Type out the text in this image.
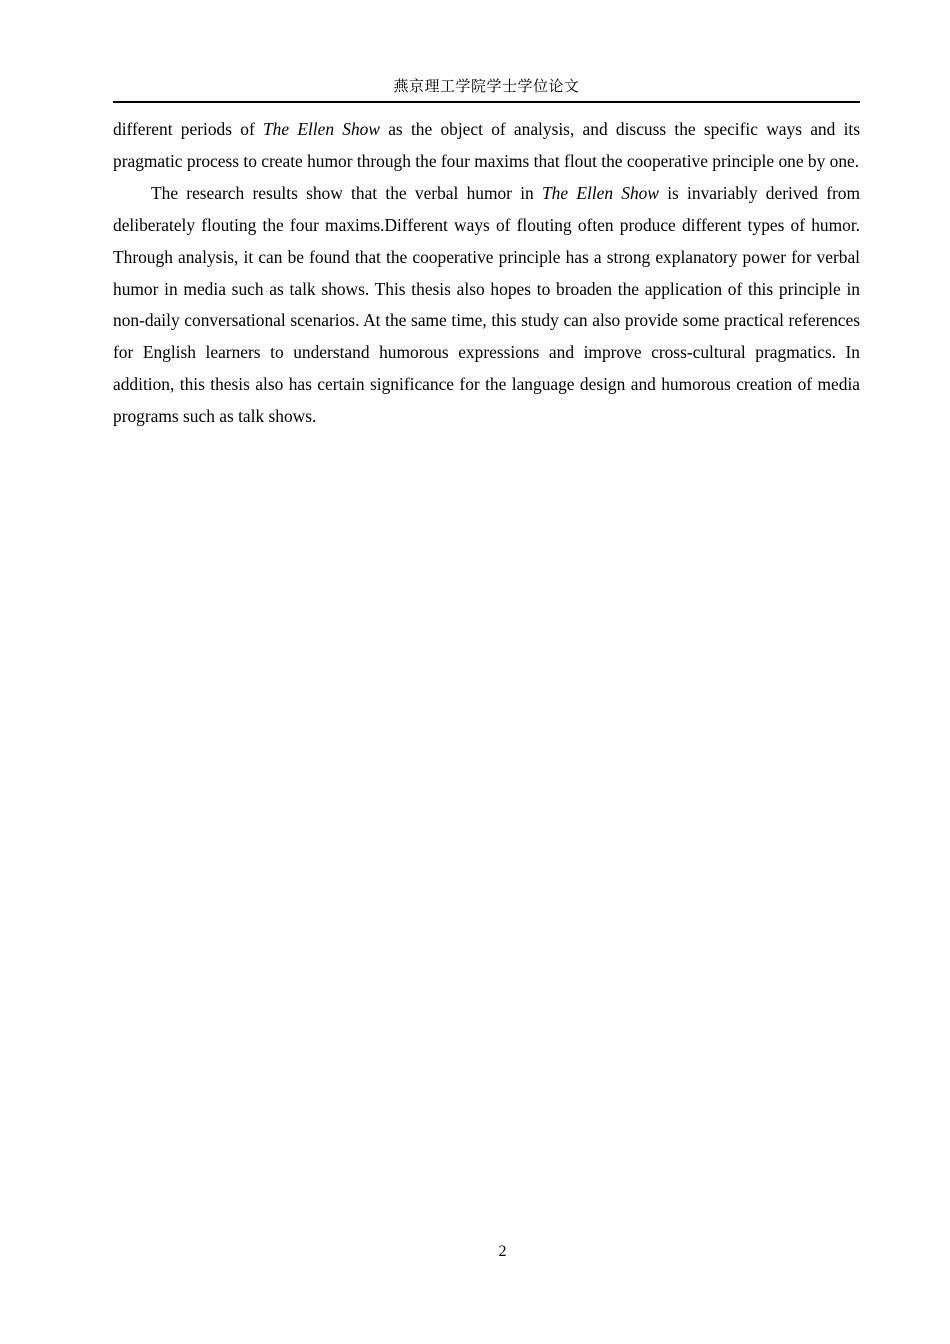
燕京理工学院学士学位论文

different periods of The Ellen Show as the object of analysis, and discuss the specific ways and its pragmatic process to create humor through the four maxims that flout the cooperative principle one by one.

The research results show that the verbal humor in The Ellen Show is invariably derived from deliberately flouting the four maxims.Different ways of flouting often produce different types of humor. Through analysis, it can be found that the cooperative principle has a strong explanatory power for verbal humor in media such as talk shows. This thesis also hopes to broaden the application of this principle in non-daily conversational scenarios. At the same time, this study can also provide some practical references for English learners to understand humorous expressions and improve cross-cultural pragmatics. In addition, this thesis also has certain significance for the language design and humorous creation of media programs such as talk shows.

2
